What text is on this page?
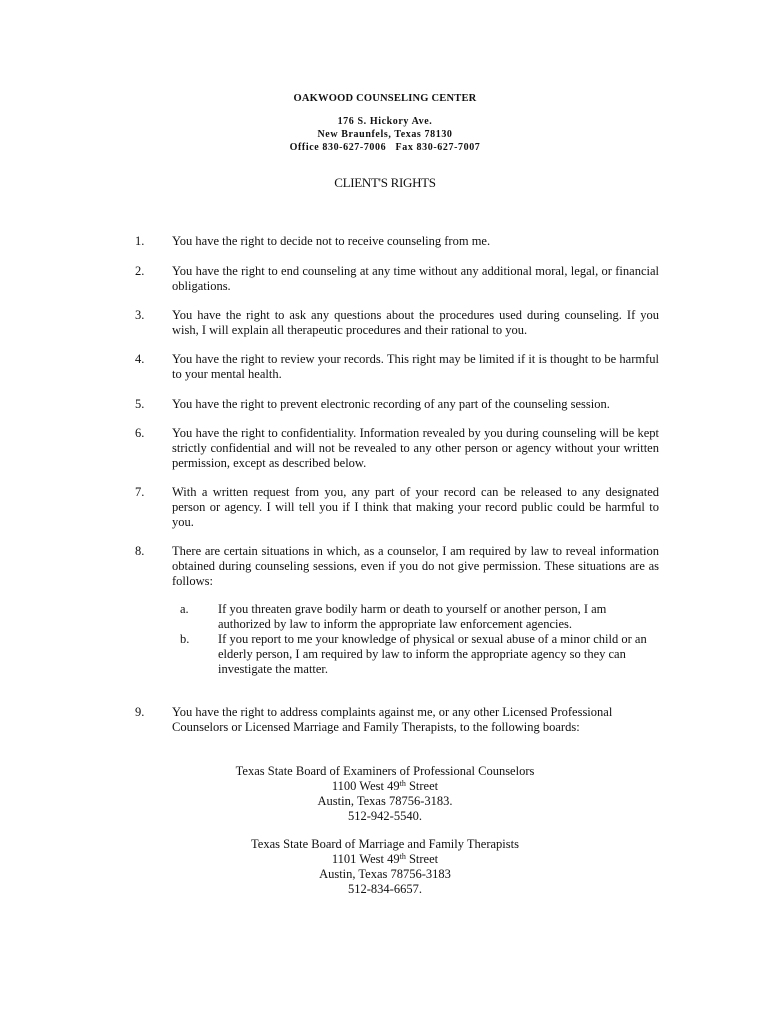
OAKWOOD COUNSELING CENTER
176 S. Hickory Ave.
New Braunfels, Texas 78130
Office 830-627-7006   Fax 830-627-7007
CLIENT'S RIGHTS
1. You have the right to decide not to receive counseling from me.
2. You have the right to end counseling at any time without any additional moral, legal, or financial obligations.
3. You have the right to ask any questions about the procedures used during counseling. If you wish, I will explain all therapeutic procedures and their rational to you.
4. You have the right to review your records. This right may be limited if it is thought to be harmful to your mental health.
5. You have the right to prevent electronic recording of any part of the counseling session.
6. You have the right to confidentiality. Information revealed by you during counseling will be kept strictly confidential and will not be revealed to any other person or agency without your written permission, except as described below.
7. With a written request from you, any part of your record can be released to any designated person or agency. I will tell you if I think that making your record public could be harmful to you.
8. There are certain situations in which, as a counselor, I am required by law to reveal information obtained during counseling sessions, even if you do not give permission. These situations are as follows:
a. If you threaten grave bodily harm or death to yourself or another person, I am authorized by law to inform the appropriate law enforcement agencies.
b. If you report to me your knowledge of physical or sexual abuse of a minor child or an elderly person, I am required by law to inform the appropriate agency so they can investigate the matter.
9. You have the right to address complaints against me, or any other Licensed Professional Counselors or Licensed Marriage and Family Therapists, to the following boards:
Texas State Board of Examiners of Professional Counselors
1100 West 49th Street
Austin, Texas 78756-3183.
512-942-5540.
Texas State Board of Marriage and Family Therapists
1101 West 49th Street
Austin, Texas 78756-3183
512-834-6657.
